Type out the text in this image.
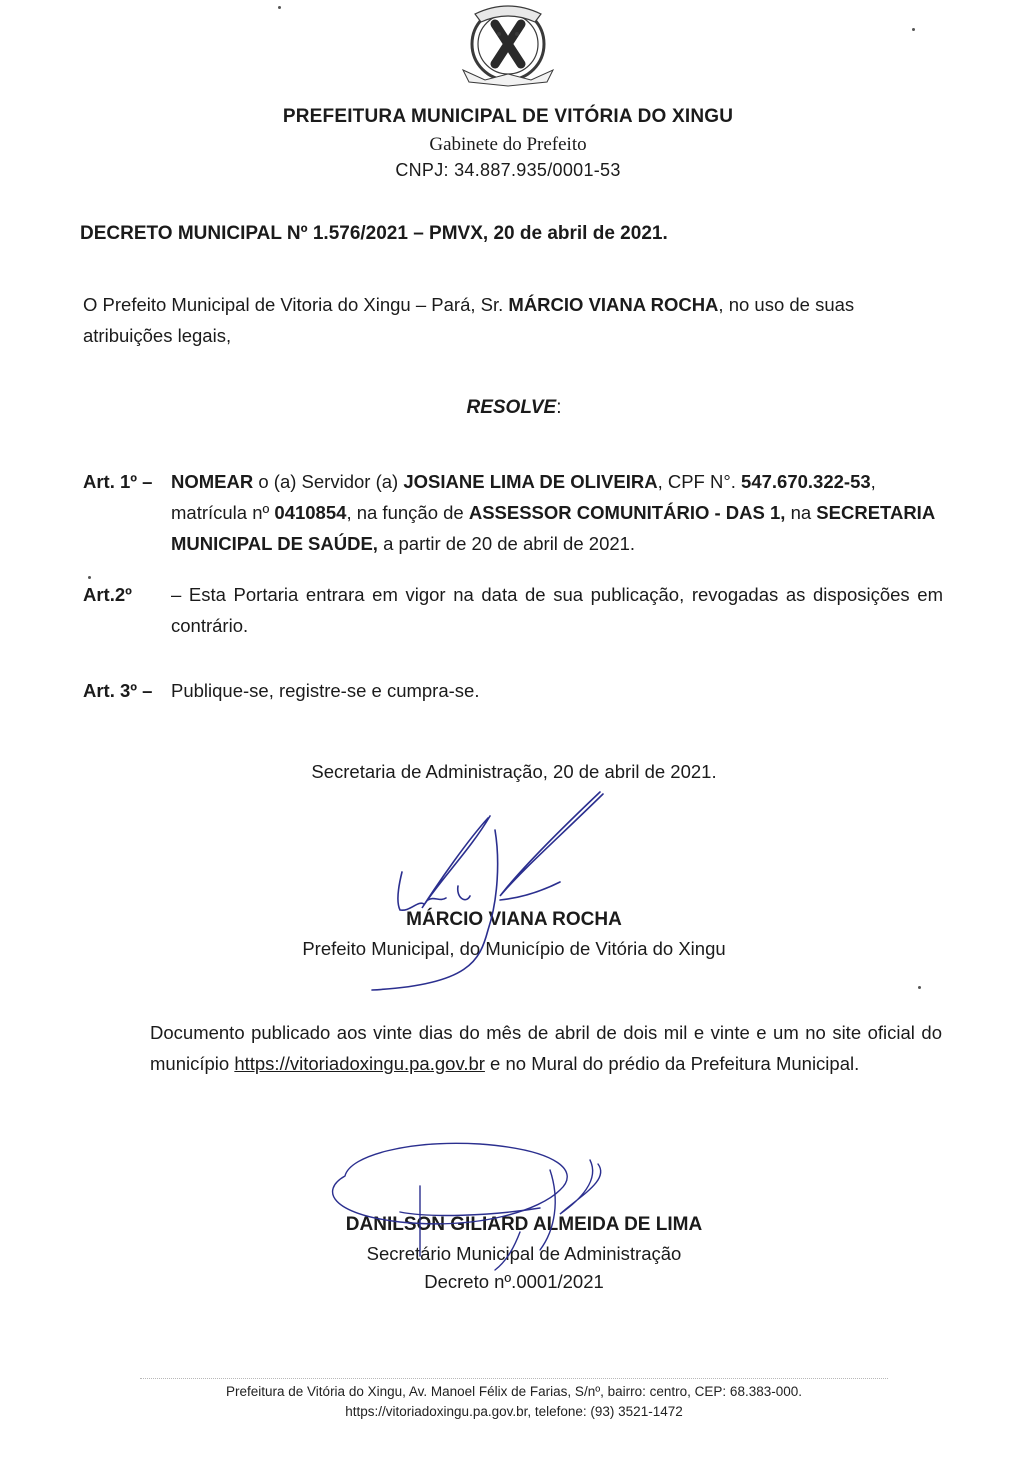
PREFEITURA MUNICIPAL DE VITÓRIA DO XINGU
Gabinete do Prefeito
CNPJ: 34.887.935/0001-53
DECRETO MUNICIPAL Nº 1.576/2021 – PMVX, 20 de abril de 2021.
O Prefeito Municipal de Vitoria do Xingu – Pará, Sr. MÁRCIO VIANA ROCHA, no uso de suas atribuições legais,
RESOLVE:
Art. 1º – NOMEAR o (a) Servidor (a) JOSIANE LIMA DE OLIVEIRA, CPF N°. 547.670.322-53, matrícula nº 0410854, na função de ASSESSOR COMUNITÁRIO - DAS 1, na SECRETARIA MUNICIPAL DE SAÚDE, a partir de 20 de abril de 2021.
Art.2º – Esta Portaria entrara em vigor na data de sua publicação, revogadas as disposições em contrário.
Art. 3º – Publique-se, registre-se e cumpra-se.
Secretaria de Administração, 20 de abril de 2021.
MÁRCIO VIANA ROCHA
Prefeito Municipal, do Município de Vitória do Xingu
Documento publicado aos vinte dias do mês de abril de dois mil e vinte e um no site oficial do município https://vitoriadoxingu.pa.gov.br e no Mural do prédio da Prefeitura Municipal.
DANILSON GILIARD ALMEIDA DE LIMA
Secretário Municipal de Administração
Decreto nº.0001/2021
Prefeitura de Vitória do Xingu, Av. Manoel Félix de Farias, S/nº, bairro: centro, CEP: 68.383-000.
https://vitoriadoxingu.pa.gov.br, telefone: (93) 3521-1472
